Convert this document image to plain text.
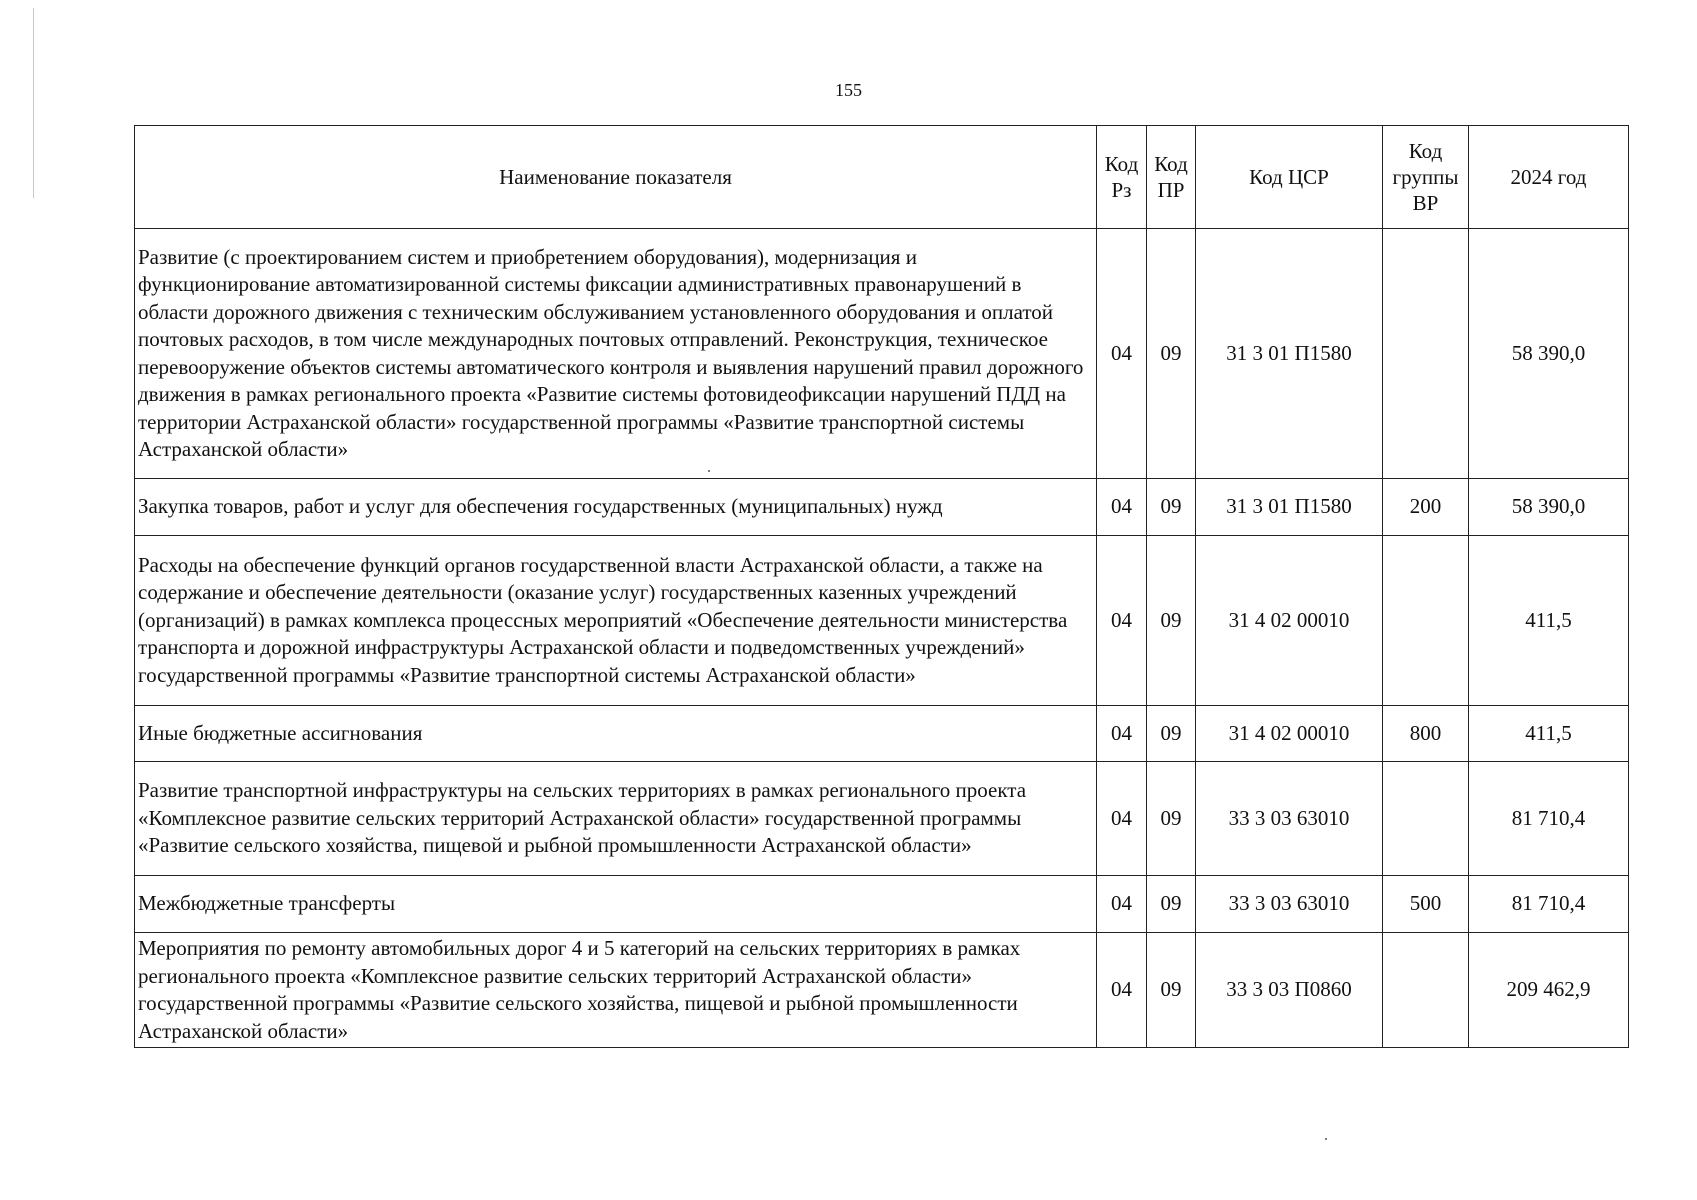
155
Наименование показателя	Код Рз	Код ПР	Код ЦСР	Код группы ВР	2024 год
Развитие (с проектированием систем и приобретением оборудования), модернизация и функционирование автоматизированной системы фиксации административных правонарушений в области дорожного движения с техническим обслуживанием установленного оборудования и оплатой почтовых расходов, в том числе международных почтовых отправлений. Реконструкция, техническое перевооружение объектов системы автоматического контроля и выявления нарушений правил дорожного движения в рамках регионального проекта «Развитие системы фотовидеофиксации нарушений ПДД на территории Астраханской области» государственной программы «Развитие транспортной системы Астраханской области»	04	09	31 3 01 П1580		58 390,0
Закупка товаров, работ и услуг для обеспечения государственных (муниципальных) нужд	04	09	31 3 01 П1580	200	58 390,0
Расходы на обеспечение функций органов государственной власти Астраханской области, а также на содержание и обеспечение деятельности (оказание услуг) государственных казенных учреждений (организаций) в рамках комплекса процессных мероприятий «Обеспечение деятельности министерства транспорта и дорожной инфраструктуры Астраханской области и подведомственных учреждений» государственной программы «Развитие транспортной системы Астраханской области»	04	09	31 4 02 00010		411,5
Иные бюджетные ассигнования	04	09	31 4 02 00010	800	411,5
Развитие транспортной инфраструктуры на сельских территориях в рамках регионального проекта «Комплексное развитие сельских территорий Астраханской области» государственной программы «Развитие сельского хозяйства, пищевой и рыбной промышленности Астраханской области»	04	09	33 3 03 63010		81 710,4
Межбюджетные трансферты	04	09	33 3 03 63010	500	81 710,4
Мероприятия по ремонту автомобильных дорог 4 и 5 категорий на сельских территориях в рамках регионального проекта «Комплексное развитие сельских территорий Астраханской области» государственной программы «Развитие сельского хозяйства, пищевой и рыбной промышленности Астраханской области»	04	09	33 3 03 П0860		209 462,9
